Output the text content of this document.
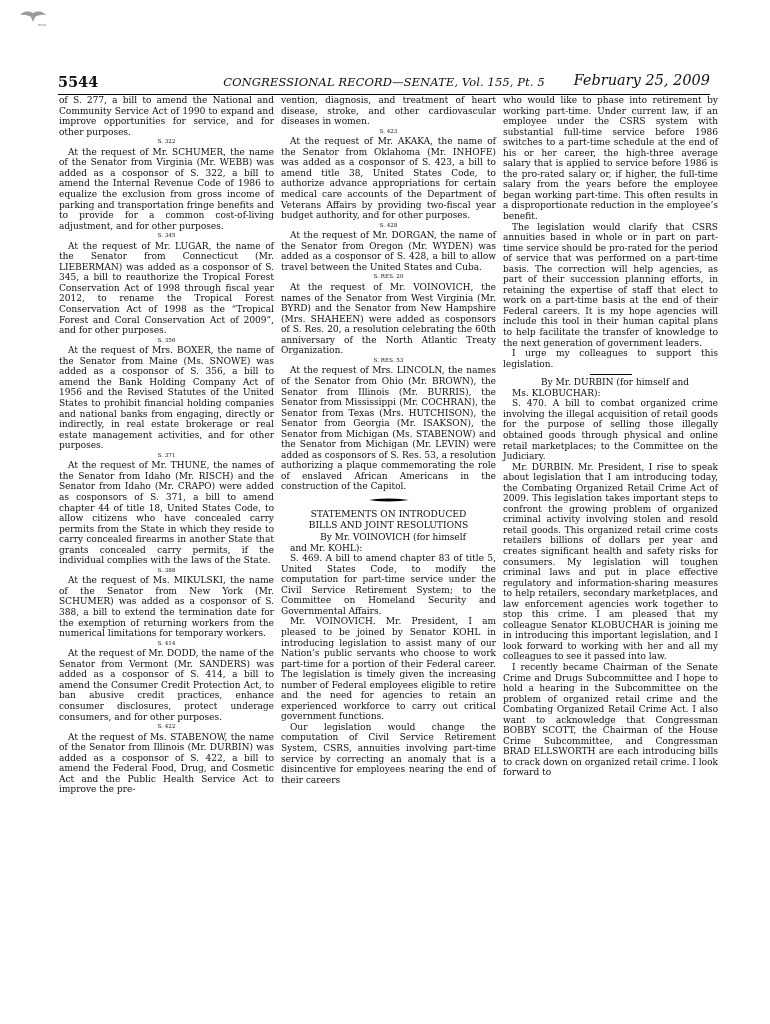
erno
5544	CONGRESSIONAL RECORD—SENATE, Vol. 155, Pt. 5	February 25, 2009

of S. 277, a bill to amend the National and Community Service Act of 1990 to expand and improve opportunities for service, and for other purposes.

S. 322

At the request of Mr. SCHUMER, the name of the Senator from Virginia (Mr. WEBB) was added as a cosponsor of S. 322, a bill to amend the Internal Revenue Code of 1986 to equalize the exclusion from gross income of parking and transportation fringe benefits and to provide for a common cost-of-living adjustment, and for other purposes.

S. 345

At the request of Mr. LUGAR, the name of the Senator from Connecticut (Mr. LIEBERMAN) was added as a cosponsor of S. 345, a bill to reauthorize the Tropical Forest Conservation Act of 1998 through fiscal year 2012, to rename the Tropical Forest Conservation Act of 1998 as the “Tropical Forest and Coral Conservation Act of 2009”, and for other purposes.

S. 356

At the request of Mrs. BOXER, the name of the Senator from Maine (Ms. SNOWE) was added as a cosponsor of S. 356, a bill to amend the Bank Holding Company Act of 1956 and the Revised Statutes of the United States to prohibit financial holding companies and national banks from engaging, directly or indirectly, in real estate brokerage or real estate management activities, and for other purposes.

S. 371

At the request of Mr. THUNE, the names of the Senator from Idaho (Mr. RISCH) and the Senator from Idaho (Mr. CRAPO) were added as cosponsors of S. 371, a bill to amend chapter 44 of title 18, United States Code, to allow citizens who have concealed carry permits from the State in which they reside to carry concealed firearms in another State that grants concealed carry permits, if the individual complies with the laws of the State.

S. 388

At the request of Ms. MIKULSKI, the name of the Senator from New York (Mr. SCHUMER) was added as a cosponsor of S. 388, a bill to extend the termination date for the exemption of returning workers from the numerical limitations for temporary workers.

S. 414

At the request of Mr. DODD, the name of the Senator from Vermont (Mr. SANDERS) was added as a cosponsor of S. 414, a bill to amend the Consumer Credit Protection Act, to ban abusive credit practices, enhance consumer disclosures, protect underage consumers, and for other purposes.

S. 422

At the request of Ms. STABENOW, the name of the Senator from Illinois (Mr. DURBIN) was added as a cosponsor of S. 422, a bill to amend the Federal Food, Drug, and Cosmetic Act and the Public Health Service Act to improve the pre-

vention, diagnosis, and treatment of heart disease, stroke, and other cardiovascular diseases in women.

S. 423

At the request of Mr. AKAKA, the name of the Senator from Oklahoma (Mr. INHOFE) was added as a cosponsor of S. 423, a bill to amend title 38, United States Code, to authorize advance appropriations for certain medical care accounts of the Department of Veterans Affairs by providing two-fiscal year budget authority, and for other purposes.

S. 428

At the request of Mr. DORGAN, the name of the Senator from Oregon (Mr. WYDEN) was added as a cosponsor of S. 428, a bill to allow travel between the United States and Cuba.

S. RES. 20

At the request of Mr. VOINOVICH, the names of the Senator from West Virginia (Mr. BYRD) and the Senator from New Hampshire (Mrs. SHAHEEN) were added as cosponsors of S. Res. 20, a resolution celebrating the 60th anniversary of the North Atlantic Treaty Organization.

S. RES. 53

At the request of Mrs. LINCOLN, the names of the Senator from Ohio (Mr. BROWN), the Senator from Illinois (Mr. BURRIS), the Senator from Mississippi (Mr. COCHRAN), the Senator from Texas (Mrs. HUTCHISON), the Senator from Georgia (Mr. ISAKSON), the Senator from Michigan (Ms. STABENOW) and the Senator from Michigan (Mr. LEVIN) were added as cosponsors of S. Res. 53, a resolution authorizing a plaque commemorating the role of enslaved African Americans in the construction of the Capitol.

STATEMENTS ON INTRODUCED
BILLS AND JOINT RESOLUTIONS

By Mr. VOINOVICH (for himself

and Mr. KOHL):

S. 469. A bill to amend chapter 83 of title 5, United States Code, to modify the computation for part-time service under the Civil Service Retirement System; to the Committee on Homeland Security and Governmental Affairs.

Mr. VOINOVICH. Mr. President, I am pleased to be joined by Senator KOHL in introducing legislation to assist many of our Nation’s public servants who choose to work part-time for a portion of their Federal career. The legislation is timely given the increasing number of Federal employees eligible to retire and the need for agencies to retain an experienced workforce to carry out critical government functions.

Our legislation would change the computation of Civil Service Retirement System, CSRS, annuities involving part-time service by correcting an anomaly that is a disincentive for employees nearing the end of their careers

who would like to phase into retirement by working part-time. Under current law, if an employee under the CSRS system with substantial full-time service before 1986 switches to a part-time schedule at the end of his or her career, the high-three average salary that is applied to service before 1986 is the pro-rated salary or, if higher, the full-time salary from the years before the employee began working part-time. This often results in a disproportionate reduction in the employee’s benefit.

The legislation would clarify that CSRS annuities based in whole or in part on part-time service should be pro-rated for the period of service that was performed on a part-time basis. The correction will help agencies, as part of their succession planning efforts, in retaining the expertise of staff that elect to work on a part-time basis at the end of their Federal careers. It is my hope agencies will include this tool in their human capital plans to help facilitate the transfer of knowledge to the next generation of government leaders.

I urge my colleagues to support this legislation.

By Mr. DURBIN (for himself and

Ms. KLOBUCHAR):

S. 470. A bill to combat organized crime involving the illegal acquisition of retail goods for the purpose of selling those illegally obtained goods through physical and online retail marketplaces; to the Committee on the Judiciary.

Mr. DURBIN. Mr. President, I rise to speak about legislation that I am introducing today, the Combating Organized Retail Crime Act of 2009. This legislation takes important steps to confront the growing problem of organized criminal activity involving stolen and resold retail goods. This organized retail crime costs retailers billions of dollars per year and creates significant health and safety risks for consumers. My legislation will toughen criminal laws and put in place effective regulatory and information-sharing measures to help retailers, secondary marketplaces, and law enforcement agencies work together to stop this crime. I am pleased that my colleague Senator KLOBUCHAR is joining me in introducing this important legislation, and I look forward to working with her and all my colleagues to see it passed into law.

I recently became Chairman of the Senate Crime and Drugs Subcommittee and I hope to hold a hearing in the Subcommittee on the problem of organized retail crime and the Combating Organized Retail Crime Act. I also want to acknowledge that Congressman BOBBY SCOTT, the Chairman of the House Crime Subcommittee, and Congressman BRAD ELLSWORTH are each introducing bills to crack down on organized retail crime. I look forward to
